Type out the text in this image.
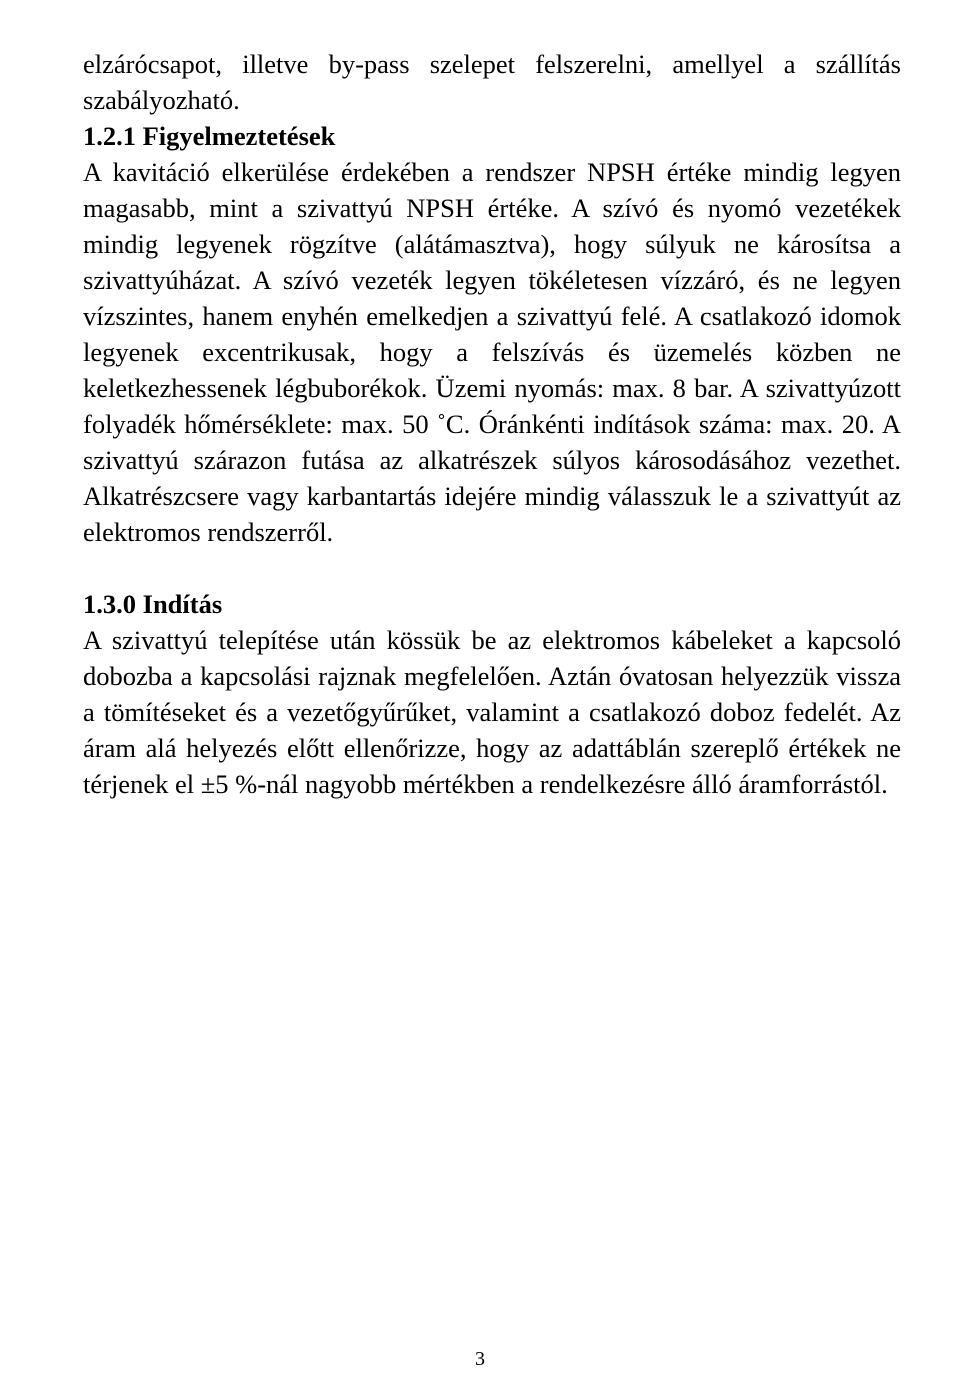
elzárócsapot, illetve by-pass szelepet felszerelni, amellyel a szállítás szabályozható.

1.2.1 Figyelmeztetések

A kavitáció elkerülése érdekében a rendszer NPSH értéke mindig legyen magasabb, mint a szivattyú NPSH értéke. A szívó és nyomó vezetékek mindig legyenek rögzítve (alátámasztva), hogy súlyuk ne károsítsa a szivattyúházat. A szívó vezeték legyen tökéletesen vízzáró, és ne legyen vízszintes, hanem enyhén emelkedjen a szivattyú felé. A csatlakozó idomok legyenek excentrikusak, hogy a felszívás és üzemelés közben ne keletkezhessenek légbuborékok. Üzemi nyomás: max. 8 bar. A szivattyúzott folyadék hőmérséklete: max. 50 ˚C. Óránkénti indítások száma: max. 20. A szivattyú szárazon futása az alkatrészek súlyos károsodásához vezethet. Alkatrészcsere vagy karbantartás idejére mindig válasszuk le a szivattyút az elektromos rendszerről.

1.3.0 Indítás

A szivattyú telepítése után kössük be az elektromos kábeleket a kapcsoló dobozba a kapcsolási rajznak megfelelően. Aztán óvatosan helyezzük vissza a tömítéseket és a vezetőgyűrűket, valamint a csatlakozó doboz fedelét. Az áram alá helyezés előtt ellenőrizze, hogy az adattáblán szereplő értékek ne térjenek el ±5 %-nál nagyobb mértékben a rendelkezésre álló áramforrástól.

3
